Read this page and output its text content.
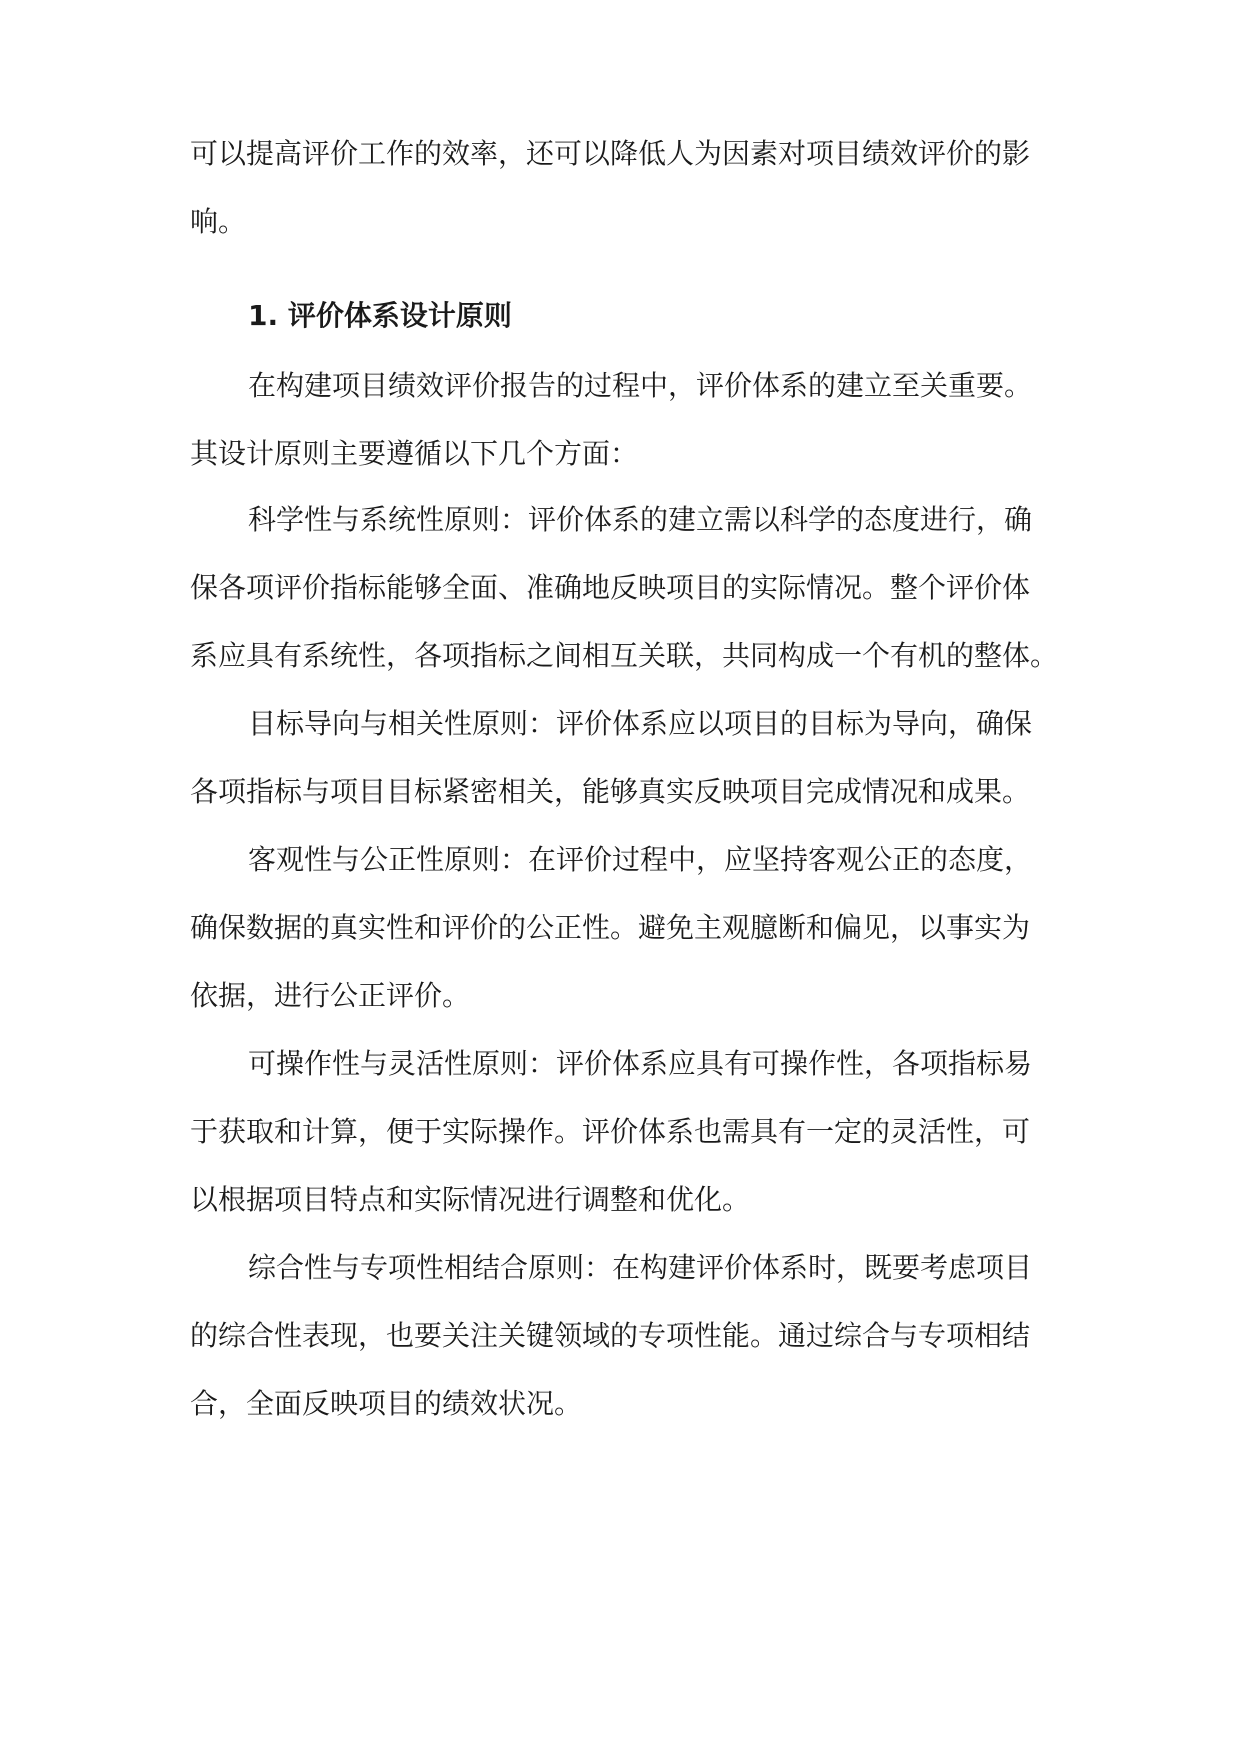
可以提高评价工作的效率，还可以降低人为因素对项目绩效评价的影
响。
1. 评价体系设计原则
在构建项目绩效评价报告的过程中，评价体系的建立至关重要。
其设计原则主要遵循以下几个方面：
科学性与系统性原则：评价体系的建立需以科学的态度进行，确
保各项评价指标能够全面、准确地反映项目的实际情况。整个评价体
系应具有系统性，各项指标之间相互关联，共同构成一个有机的整体。
目标导向与相关性原则：评价体系应以项目的目标为导向，确保
各项指标与项目目标紧密相关，能够真实反映项目完成情况和成果。
客观性与公正性原则：在评价过程中，应坚持客观公正的态度，
确保数据的真实性和评价的公正性。避免主观臆断和偏见，以事实为
依据，进行公正评价。
可操作性与灵活性原则：评价体系应具有可操作性，各项指标易
于获取和计算，便于实际操作。评价体系也需具有一定的灵活性，可
以根据项目特点和实际情况进行调整和优化。
综合性与专项性相结合原则：在构建评价体系时，既要考虑项目
的综合性表现，也要关注关键领域的专项性能。通过综合与专项相结
合，全面反映项目的绩效状况。
